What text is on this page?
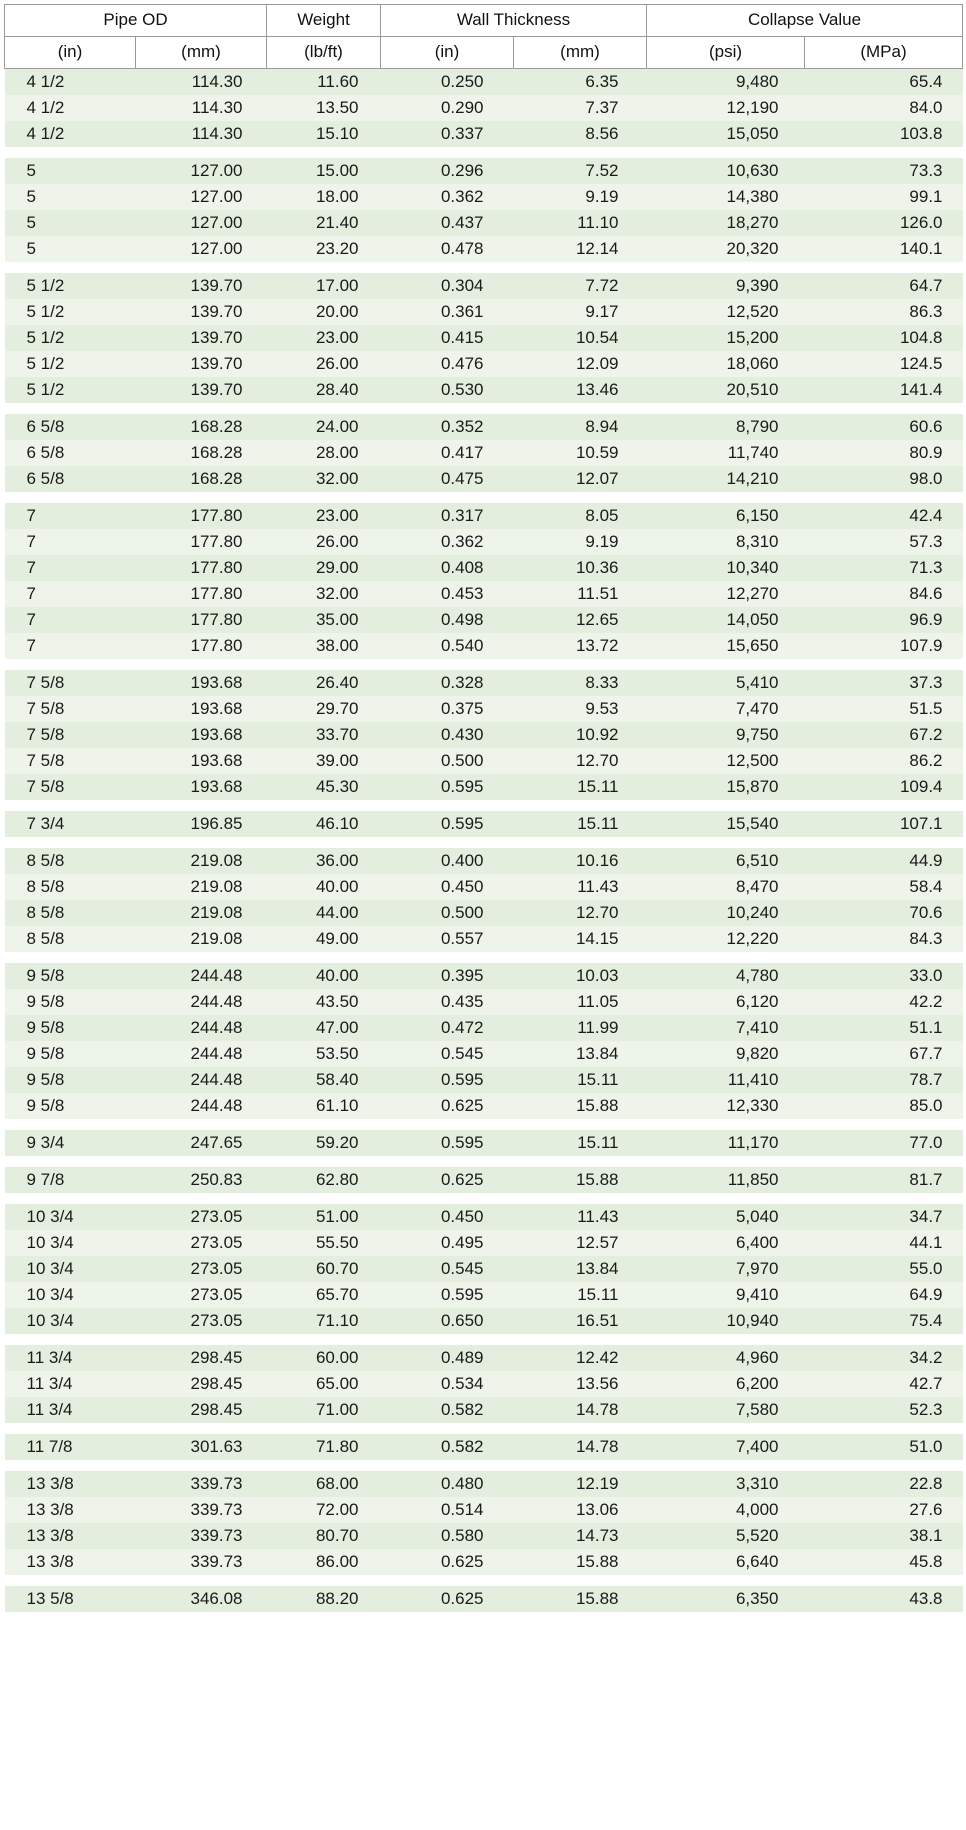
Pipe OD		Weight	Wall Thickness		Collapse Value	
(in)	(mm)	(lb/ft)	(in)	(mm)	(psi)	(MPa)
4 1/2	114.30	11.60	0.250	6.35	9,480	65.4
4 1/2	114.30	13.50	0.290	7.37	12,190	84.0
4 1/2	114.30	15.10	0.337	8.56	15,050	103.8

5	127.00	15.00	0.296	7.52	10,630	73.3
5	127.00	18.00	0.362	9.19	14,380	99.1
5	127.00	21.40	0.437	11.10	18,270	126.0
5	127.00	23.20	0.478	12.14	20,320	140.1

5 1/2	139.70	17.00	0.304	7.72	9,390	64.7
5 1/2	139.70	20.00	0.361	9.17	12,520	86.3
5 1/2	139.70	23.00	0.415	10.54	15,200	104.8
5 1/2	139.70	26.00	0.476	12.09	18,060	124.5
5 1/2	139.70	28.40	0.530	13.46	20,510	141.4

6 5/8	168.28	24.00	0.352	8.94	8,790	60.6
6 5/8	168.28	28.00	0.417	10.59	11,740	80.9
6 5/8	168.28	32.00	0.475	12.07	14,210	98.0

7	177.80	23.00	0.317	8.05	6,150	42.4
7	177.80	26.00	0.362	9.19	8,310	57.3
7	177.80	29.00	0.408	10.36	10,340	71.3
7	177.80	32.00	0.453	11.51	12,270	84.6
7	177.80	35.00	0.498	12.65	14,050	96.9
7	177.80	38.00	0.540	13.72	15,650	107.9

7 5/8	193.68	26.40	0.328	8.33	5,410	37.3
7 5/8	193.68	29.70	0.375	9.53	7,470	51.5
7 5/8	193.68	33.70	0.430	10.92	9,750	67.2
7 5/8	193.68	39.00	0.500	12.70	12,500	86.2
7 5/8	193.68	45.30	0.595	15.11	15,870	109.4

7 3/4	196.85	46.10	0.595	15.11	15,540	107.1

8 5/8	219.08	36.00	0.400	10.16	6,510	44.9
8 5/8	219.08	40.00	0.450	11.43	8,470	58.4
8 5/8	219.08	44.00	0.500	12.70	10,240	70.6
8 5/8	219.08	49.00	0.557	14.15	12,220	84.3

9 5/8	244.48	40.00	0.395	10.03	4,780	33.0
9 5/8	244.48	43.50	0.435	11.05	6,120	42.2
9 5/8	244.48	47.00	0.472	11.99	7,410	51.1
9 5/8	244.48	53.50	0.545	13.84	9,820	67.7
9 5/8	244.48	58.40	0.595	15.11	11,410	78.7
9 5/8	244.48	61.10	0.625	15.88	12,330	85.0

9 3/4	247.65	59.20	0.595	15.11	11,170	77.0

9 7/8	250.83	62.80	0.625	15.88	11,850	81.7

10 3/4	273.05	51.00	0.450	11.43	5,040	34.7
10 3/4	273.05	55.50	0.495	12.57	6,400	44.1
10 3/4	273.05	60.70	0.545	13.84	7,970	55.0
10 3/4	273.05	65.70	0.595	15.11	9,410	64.9
10 3/4	273.05	71.10	0.650	16.51	10,940	75.4

11 3/4	298.45	60.00	0.489	12.42	4,960	34.2
11 3/4	298.45	65.00	0.534	13.56	6,200	42.7
11 3/4	298.45	71.00	0.582	14.78	7,580	52.3

11 7/8	301.63	71.80	0.582	14.78	7,400	51.0

13 3/8	339.73	68.00	0.480	12.19	3,310	22.8
13 3/8	339.73	72.00	0.514	13.06	4,000	27.6
13 3/8	339.73	80.70	0.580	14.73	5,520	38.1
13 3/8	339.73	86.00	0.625	15.88	6,640	45.8

13 5/8	346.08	88.20	0.625	15.88	6,350	43.8
